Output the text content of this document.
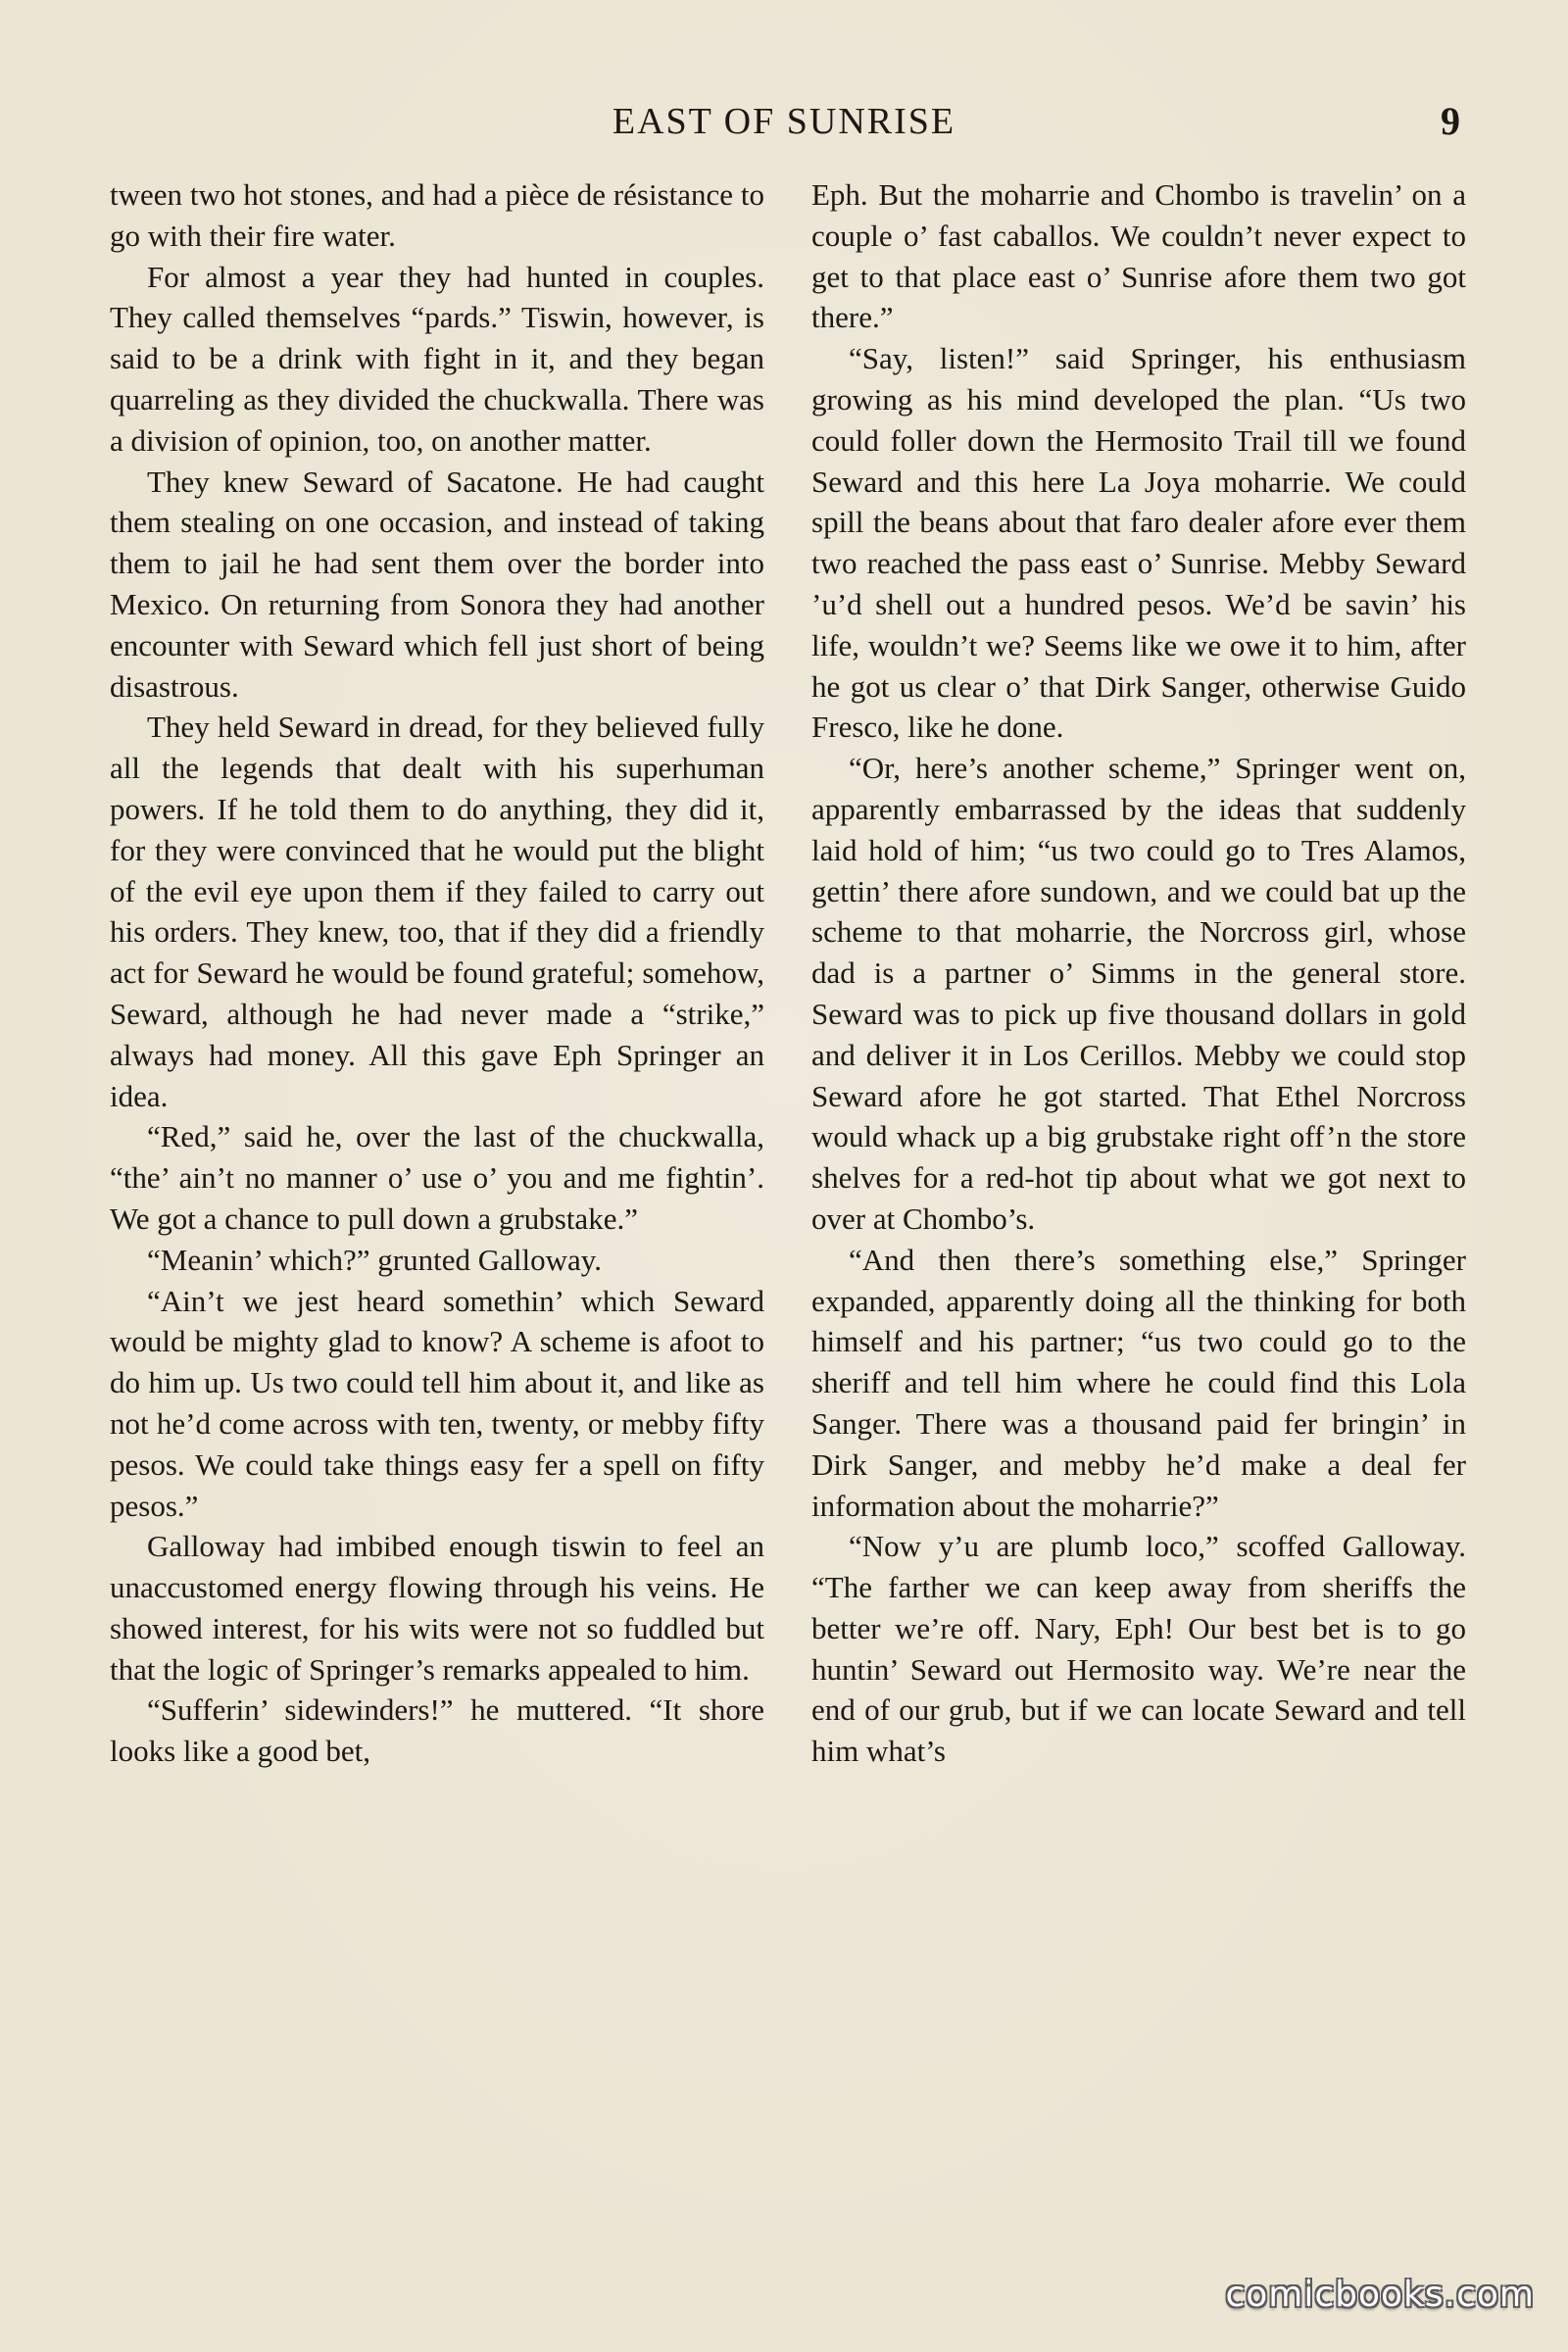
EAST OF SUNRISE	9

tween two hot stones, and had a pièce de résistance to go with their fire water.

For almost a year they had hunted in couples. They called themselves “pards.” Tiswin, however, is said to be a drink with fight in it, and they began quarreling as they divided the chuckwalla. There was a division of opinion, too, on another matter.

They knew Seward of Sacatone. He had caught them stealing on one occasion, and instead of taking them to jail he had sent them over the border into Mexico. On returning from Sonora they had another encounter with Seward which fell just short of being disastrous.

They held Seward in dread, for they believed fully all the legends that dealt with his superhuman powers. If he told them to do anything, they did it, for they were convinced that he would put the blight of the evil eye upon them if they failed to carry out his orders. They knew, too, that if they did a friendly act for Seward he would be found grateful; somehow, Seward, although he had never made a “strike,” always had money. All this gave Eph Springer an idea.

“Red,” said he, over the last of the chuckwalla, “the’ ain’t no manner o’ use o’ you and me fightin’. We got a chance to pull down a grubstake.”

“Meanin’ which?” grunted Galloway.

“Ain’t we jest heard somethin’ which Seward would be mighty glad to know? A scheme is afoot to do him up. Us two could tell him about it, and like as not he’d come across with ten, twenty, or mebby fifty pesos. We could take things easy fer a spell on fifty pesos.”

Galloway had imbibed enough tiswin to feel an unaccustomed energy flowing through his veins. He showed interest, for his wits were not so fuddled but that the logic of Springer’s remarks appealed to him.

“Sufferin’ sidewinders!” he muttered. “It shore looks like a good bet,

Eph. But the moharrie and Chombo is travelin’ on a couple o’ fast caballos. We couldn’t never expect to get to that place east o’ Sunrise afore them two got there.”

“Say, listen!” said Springer, his enthusiasm growing as his mind developed the plan. “Us two could foller down the Hermosito Trail till we found Seward and this here La Joya moharrie. We could spill the beans about that faro dealer afore ever them two reached the pass east o’ Sunrise. Mebby Seward ’u’d shell out a hundred pesos. We’d be savin’ his life, wouldn’t we? Seems like we owe it to him, after he got us clear o’ that Dirk Sanger, otherwise Guido Fresco, like he done.

“Or, here’s another scheme,” Springer went on, apparently embarrassed by the ideas that suddenly laid hold of him; “us two could go to Tres Alamos, gettin’ there afore sundown, and we could bat up the scheme to that moharrie, the Norcross girl, whose dad is a partner o’ Simms in the general store. Seward was to pick up five thousand dollars in gold and deliver it in Los Cerillos. Mebby we could stop Seward afore he got started. That Ethel Norcross would whack up a big grubstake right off’n the store shelves for a red-hot tip about what we got next to over at Chombo’s.

“And then there’s something else,” Springer expanded, apparently doing all the thinking for both himself and his partner; “us two could go to the sheriff and tell him where he could find this Lola Sanger. There was a thousand paid fer bringin’ in Dirk Sanger, and mebby he’d make a deal fer information about the moharrie?”

“Now y’u are plumb loco,” scoffed Galloway. “The farther we can keep away from sheriffs the better we’re off. Nary, Eph! Our best bet is to go huntin’ Seward out Hermosito way. We’re near the end of our grub, but if we can locate Seward and tell him what’s

comicbooks.com
